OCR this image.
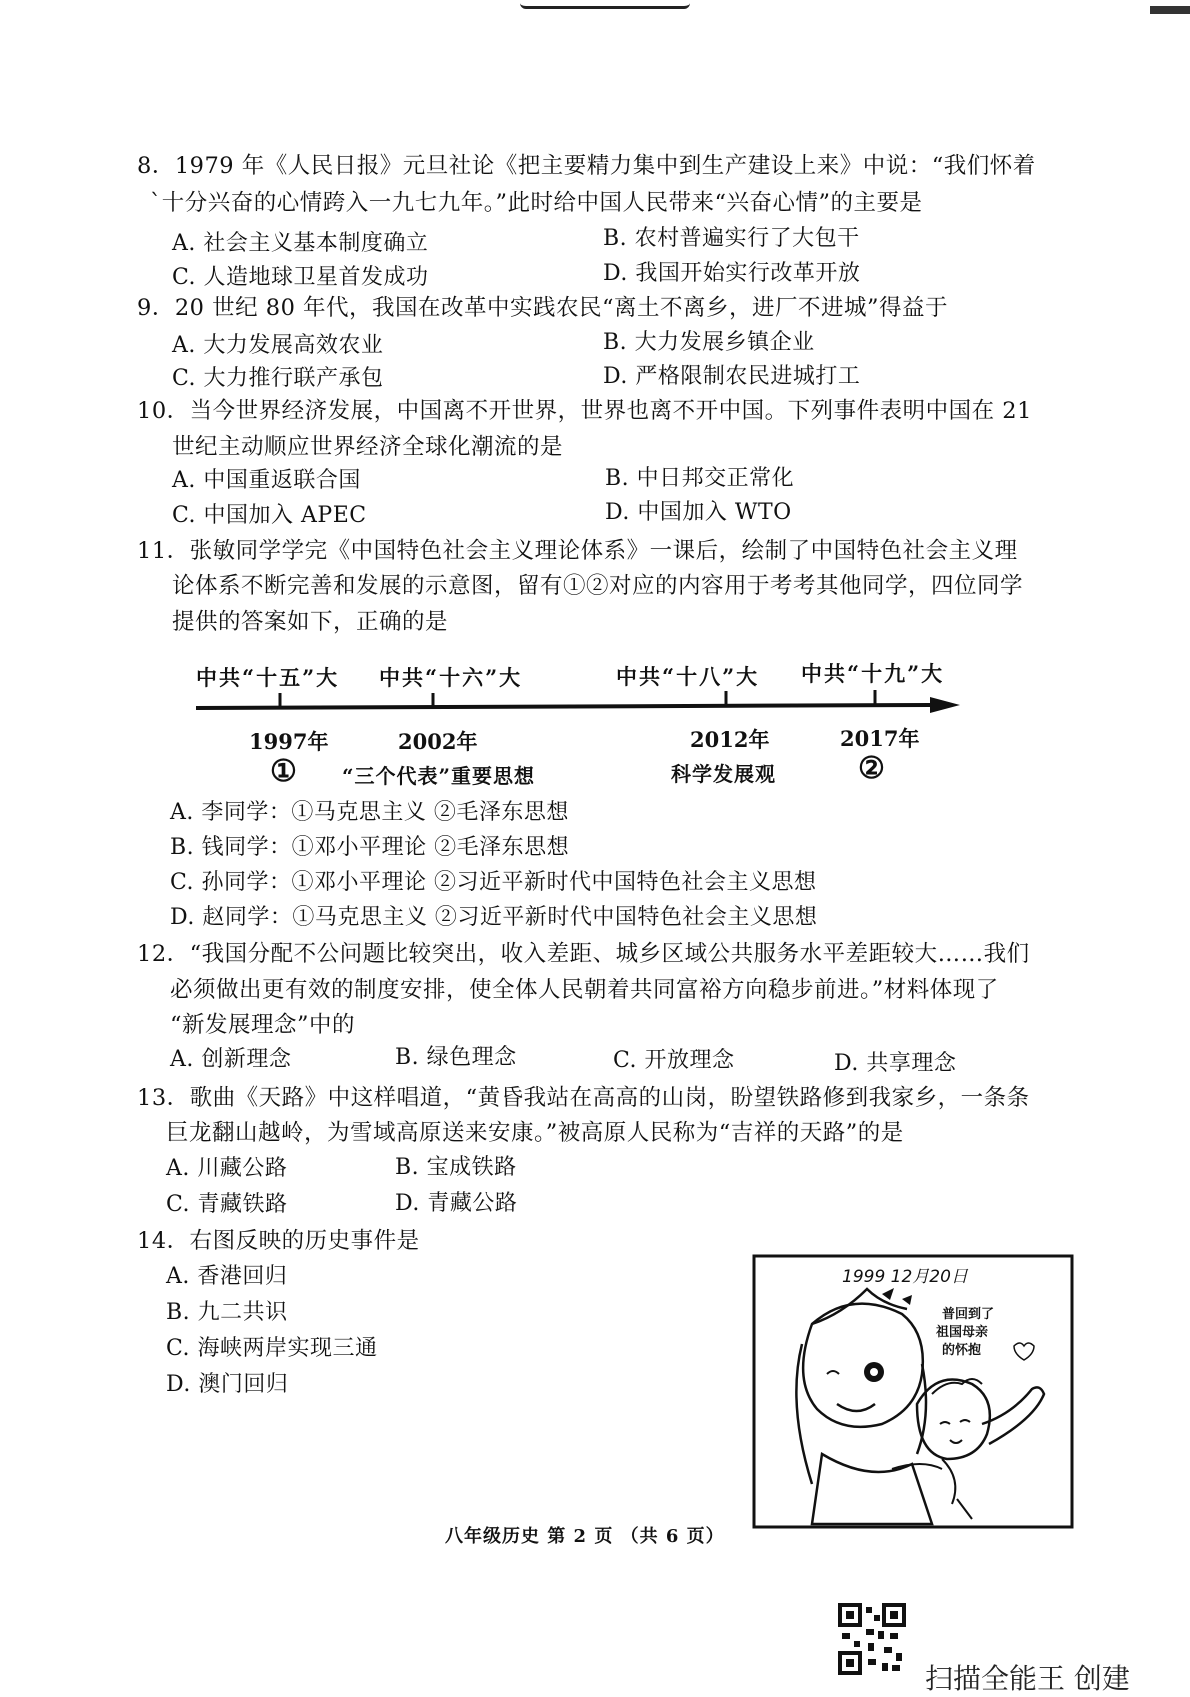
8．1979 年《人民日报》元旦社论《把主要精力集中到生产建设上来》中说：“我们怀着
`十分兴奋的心情跨入一九七九年。”此时给中国人民带来“兴奋心情”的主要是
A. 社会主义基本制度确立	B. 农村普遍实行了大包干
C. 人造地球卫星首发成功	D. 我国开始实行改革开放
9．20 世纪 80 年代，我国在改革中实践农民“离土不离乡，进厂不进城”得益于
A. 大力发展高效农业	B. 大力发展乡镇企业
C. 大力推行联产承包	D. 严格限制农民进城打工
10．当今世界经济发展，中国离不开世界，世界也离不开中国。下列事件表明中国在 21
世纪主动顺应世界经济全球化潮流的是
A. 中国重返联合国	B. 中日邦交正常化
C. 中国加入 APEC	D. 中国加入 WTO
11．张敏同学学完《中国特色社会主义理论体系》一课后，绘制了中国特色社会主义理
论体系不断完善和发展的示意图，留有①②对应的内容用于考考其他同学，四位同学
提供的答案如下，正确的是
中共“十五”大 中共“十六”大	中共“十八”大 中共“十九”大
1997年	2002年	2012年	2017年
① “三个代表”重要思想	科学发展观	②
A. 李同学：①马克思主义 ②毛泽东思想
B. 钱同学：①邓小平理论 ②毛泽东思想
C. 孙同学：①邓小平理论 ②习近平新时代中国特色社会主义思想
D. 赵同学：①马克思主义 ②习近平新时代中国特色社会主义思想
12．“我国分配不公问题比较突出，收入差距、城乡区域公共服务水平差距较大……我们
必须做出更有效的制度安排，使全体人民朝着共同富裕方向稳步前进。”材料体现了
“新发展理念”中的
A. 创新理念	B. 绿色理念	C. 开放理念	D. 共享理念
13．歌曲《天路》中这样唱道，“黄昏我站在高高的山岗，盼望铁路修到我家乡，一条条
巨龙翻山越岭，为雪域高原送来安康。”被高原人民称为“吉祥的天路”的是
A. 川藏公路	B. 宝成铁路
C. 青藏铁路	D. 青藏公路
14．右图反映的历史事件是
A. 香港回归
B. 九二共识
C. 海峡两岸实现三通
D. 澳门回归
1999 12月20日
普回到了
祖国母亲
的怀抱
八年级历史 第 2 页 （共 6 页）
扫描全能王 创建
